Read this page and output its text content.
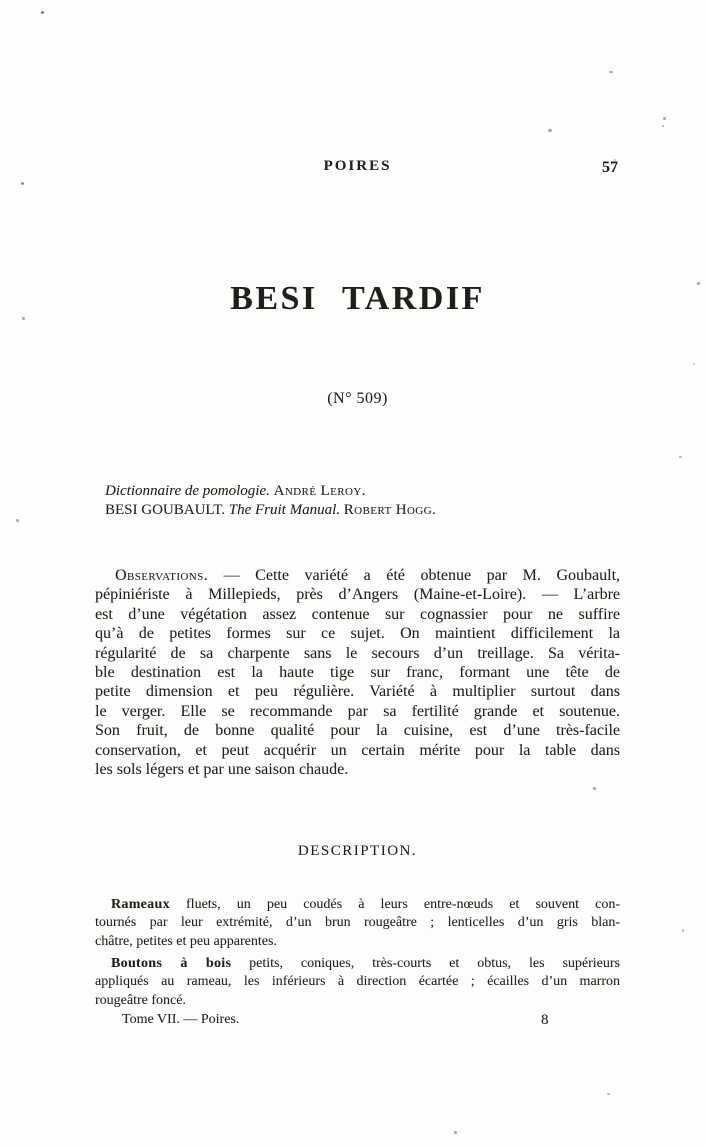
POIRES	57
BESI TARDIF
(N° 509)
Dictionnaire de pomologie. André Leroy.
BESI GOUBAULT. The Fruit Manual. Robert Hogg.
Observations. — Cette variété a été obtenue par M. Goubault,
pépiniériste à Millepieds, près d’Angers (Maine-et-Loire). — L’arbre
est d’une végétation assez contenue sur cognassier pour ne suffire
qu’à de petites formes sur ce sujet. On maintient difficilement la
régularité de sa charpente sans le secours d’un treillage. Sa vérita-
ble destination est la haute tige sur franc, formant une tête de
petite dimension et peu régulière. Variété à multiplier surtout dans
le verger. Elle se recommande par sa fertilité grande et soutenue.
Son fruit, de bonne qualité pour la cuisine, est d’une très-facile
conservation, et peut acquérir un certain mérite pour la table dans
les sols légers et par une saison chaude.
DESCRIPTION.
Rameaux fluets, un peu coudés à leurs entre-nœuds et souvent con-
tournés par leur extrémité, d’un brun rougeâtre ; lenticelles d’un gris blan-
châtre, petites et peu apparentes.
Boutons à bois petits, coniques, très-courts et obtus, les supérieurs
appliqués au rameau, les inférieurs à direction écartée ; écailles d’un marron
rougeâtre foncé.
Tome VII. — Poires.	8
